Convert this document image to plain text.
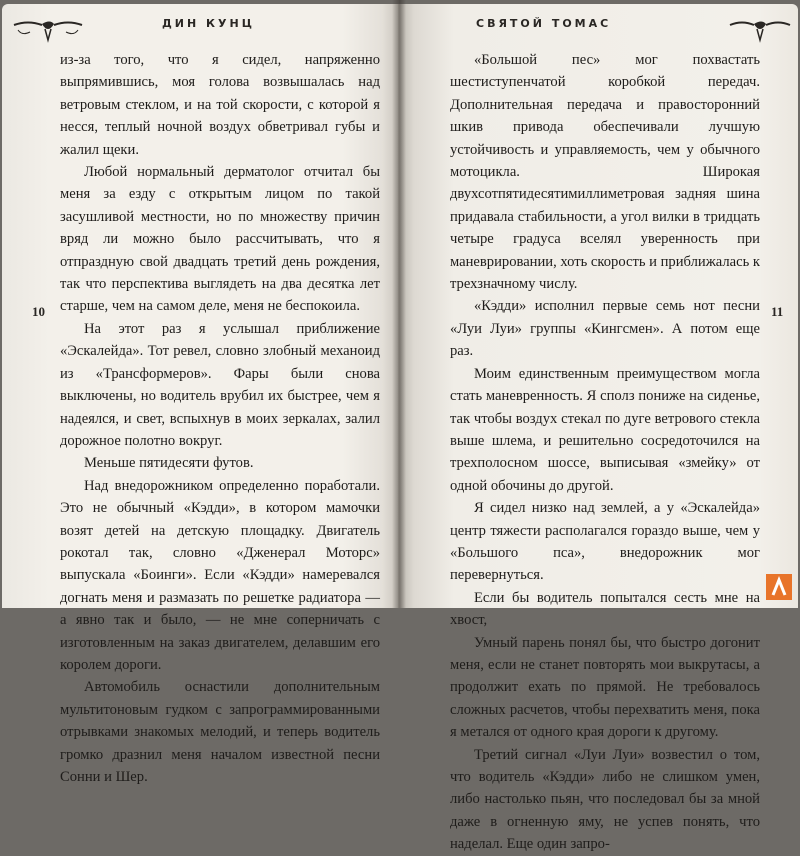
ДИН КУНЦ
10

из-за того, что я сидел, напряженно выпрямившись, моя голова возвышалась над ветровым стеклом, и на той скорости, с которой я несся, теплый ночной воздух обветривал губы и жалил щеки.

Любой нормальный дерматолог отчитал бы меня за езду с открытым лицом по такой засушливой местности, но по множеству причин вряд ли можно было рассчитывать, что я отпраздную свой двадцать третий день рождения, так что перспектива выглядеть на два десятка лет старше, чем на самом деле, меня не беспокоила.

На этот раз я услышал приближение «Эскалейда». Тот ревел, словно злобный механоид из «Трансформеров». Фары были снова выключены, но водитель врубил их быстрее, чем я надеялся, и свет, вспыхнув в моих зеркалах, залил дорожное полотно вокруг.

Меньше пятидесяти футов.

Над внедорожником определенно поработали. Это не обычный «Кэдди», в котором мамочки возят детей на детскую площадку. Двигатель рокотал так, словно «Дженерал Моторс» выпускала «Боинги». Если «Кэдди» намеревался догнать меня и размазать по решетке радиатора — а явно так и было, — не мне соперничать с изготовленным на заказ двигателем, делавшим его королем дороги.

Автомобиль оснастили дополнительным мультитоновым гудком с запрограммированными отрывками знакомых мелодий, и теперь водитель громко дразнил меня началом известной песни Сонни и Шер.

СВЯТОЙ ТОМАС
11

«Большой пес» мог похвастать шестиступенчатой коробкой передач. Дополнительная передача и правосторонний шкив привода обеспечивали лучшую устойчивость и управляемость, чем у обычного мотоцикла. Широкая двухсотпятидесятимиллиметровая задняя шина придавала стабильности, а угол вилки в тридцать четыре градуса вселял уверенность при маневрировании, хоть скорость и приближалась к трехзначному числу.

«Кэдди» исполнил первые семь нот песни «Луи Луи» группы «Кингсмен». А потом еще раз.

Моим единственным преимуществом могла стать маневренность. Я сполз пониже на сиденье, так чтобы воздух стекал по дуге ветрового стекла выше шлема, и решительно сосредоточился на трехполосном шоссе, выписывая «змейку» от одной обочины до другой.

Я сидел низко над землей, а у «Эскалейда» центр тяжести располагался гораздо выше, чем у «Большого пса», внедорожник мог перевернуться.

Если бы водитель попытался сесть мне на хвост,

Умный парень понял бы, что быстро догонит меня, если не станет повторять мои выкрутасы, а продолжит ехать по прямой. Не требовалось сложных расчетов, чтобы перехватить меня, пока я метался от одного края дороги к другому.

Третий сигнал «Луи Луи» возвестил о том, что водитель «Кэдди» либо не слишком умен, либо настолько пьян, что последовал бы за мной даже в огненную яму, не успев понять, что наделал. Еще один запро-
